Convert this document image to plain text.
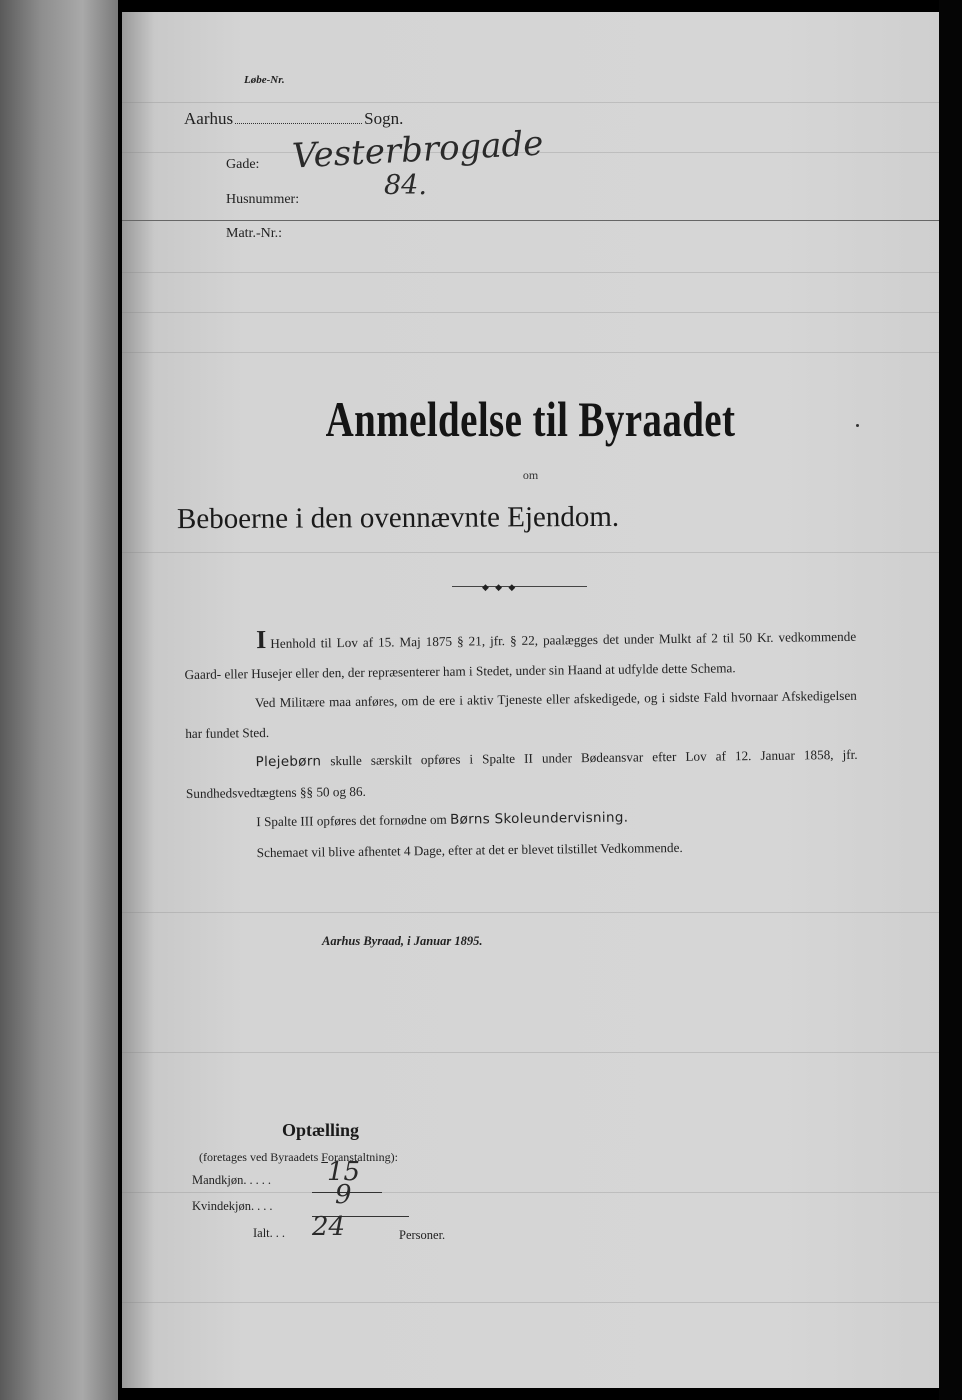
Løbe-Nr.
Aarhus	Sogn.
Gade: Vesterbrogade
Husnummer:	84.
Matr.-Nr.:
Anmeldelse til Byraadet
om
Beboerne i den ovennævnte Ejendom.
◆ ◆ ◆

I Henhold til Lov af 15. Maj 1875 § 21, jfr. § 22, paalægges det under Mulkt af 2 til 50 Kr. vedkommende Gaard- eller Husejer eller den, der repræsenterer ham i Stedet, under sin Haand at udfylde dette Schema.

Ved Militære maa anføres, om de ere i aktiv Tjeneste eller afskedigede, og i sidste Fald hvornaar Afskedigelsen har fundet Sted.

Plejebørn skulle særskilt opføres i Spalte II under Bødeansvar efter Lov af 12. Januar 1858, jfr. Sundhedsvedtægtens §§ 50 og 86.

I Spalte III opføres det fornødne om Børns Skoleundervisning.

Schemaet vil blive afhentet 4 Dage, efter at det er blevet tilstillet Vedkommende.

Aarhus Byraad, i Januar 1895.
Optælling
(foretages ved Byraadets Foranstaltning):
Mandkjøn..... 15
Kvindekjøn.... 9
Ialt... 24	Personer.
